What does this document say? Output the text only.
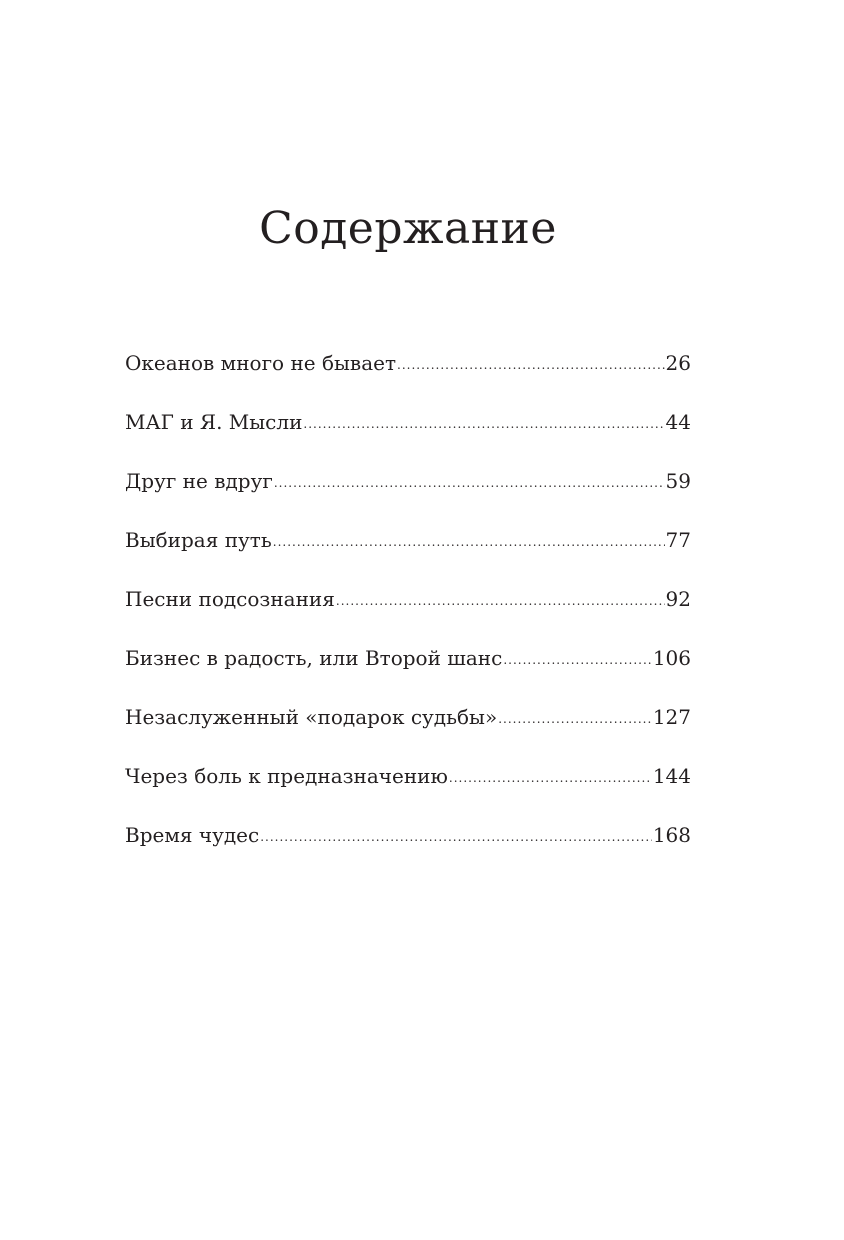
Содержание
Океанов много не бывает .....	26
МАГ и Я. Мысли .....	44
Друг не вдруг .....	59
Выбирая путь .....	77
Песни подсознания .....	92
Бизнес в радость, или Второй шанс .....	106
Незаслуженный «подарок судьбы» .....	127
Через боль к предназначению .....	144
Время чудес .....	168
